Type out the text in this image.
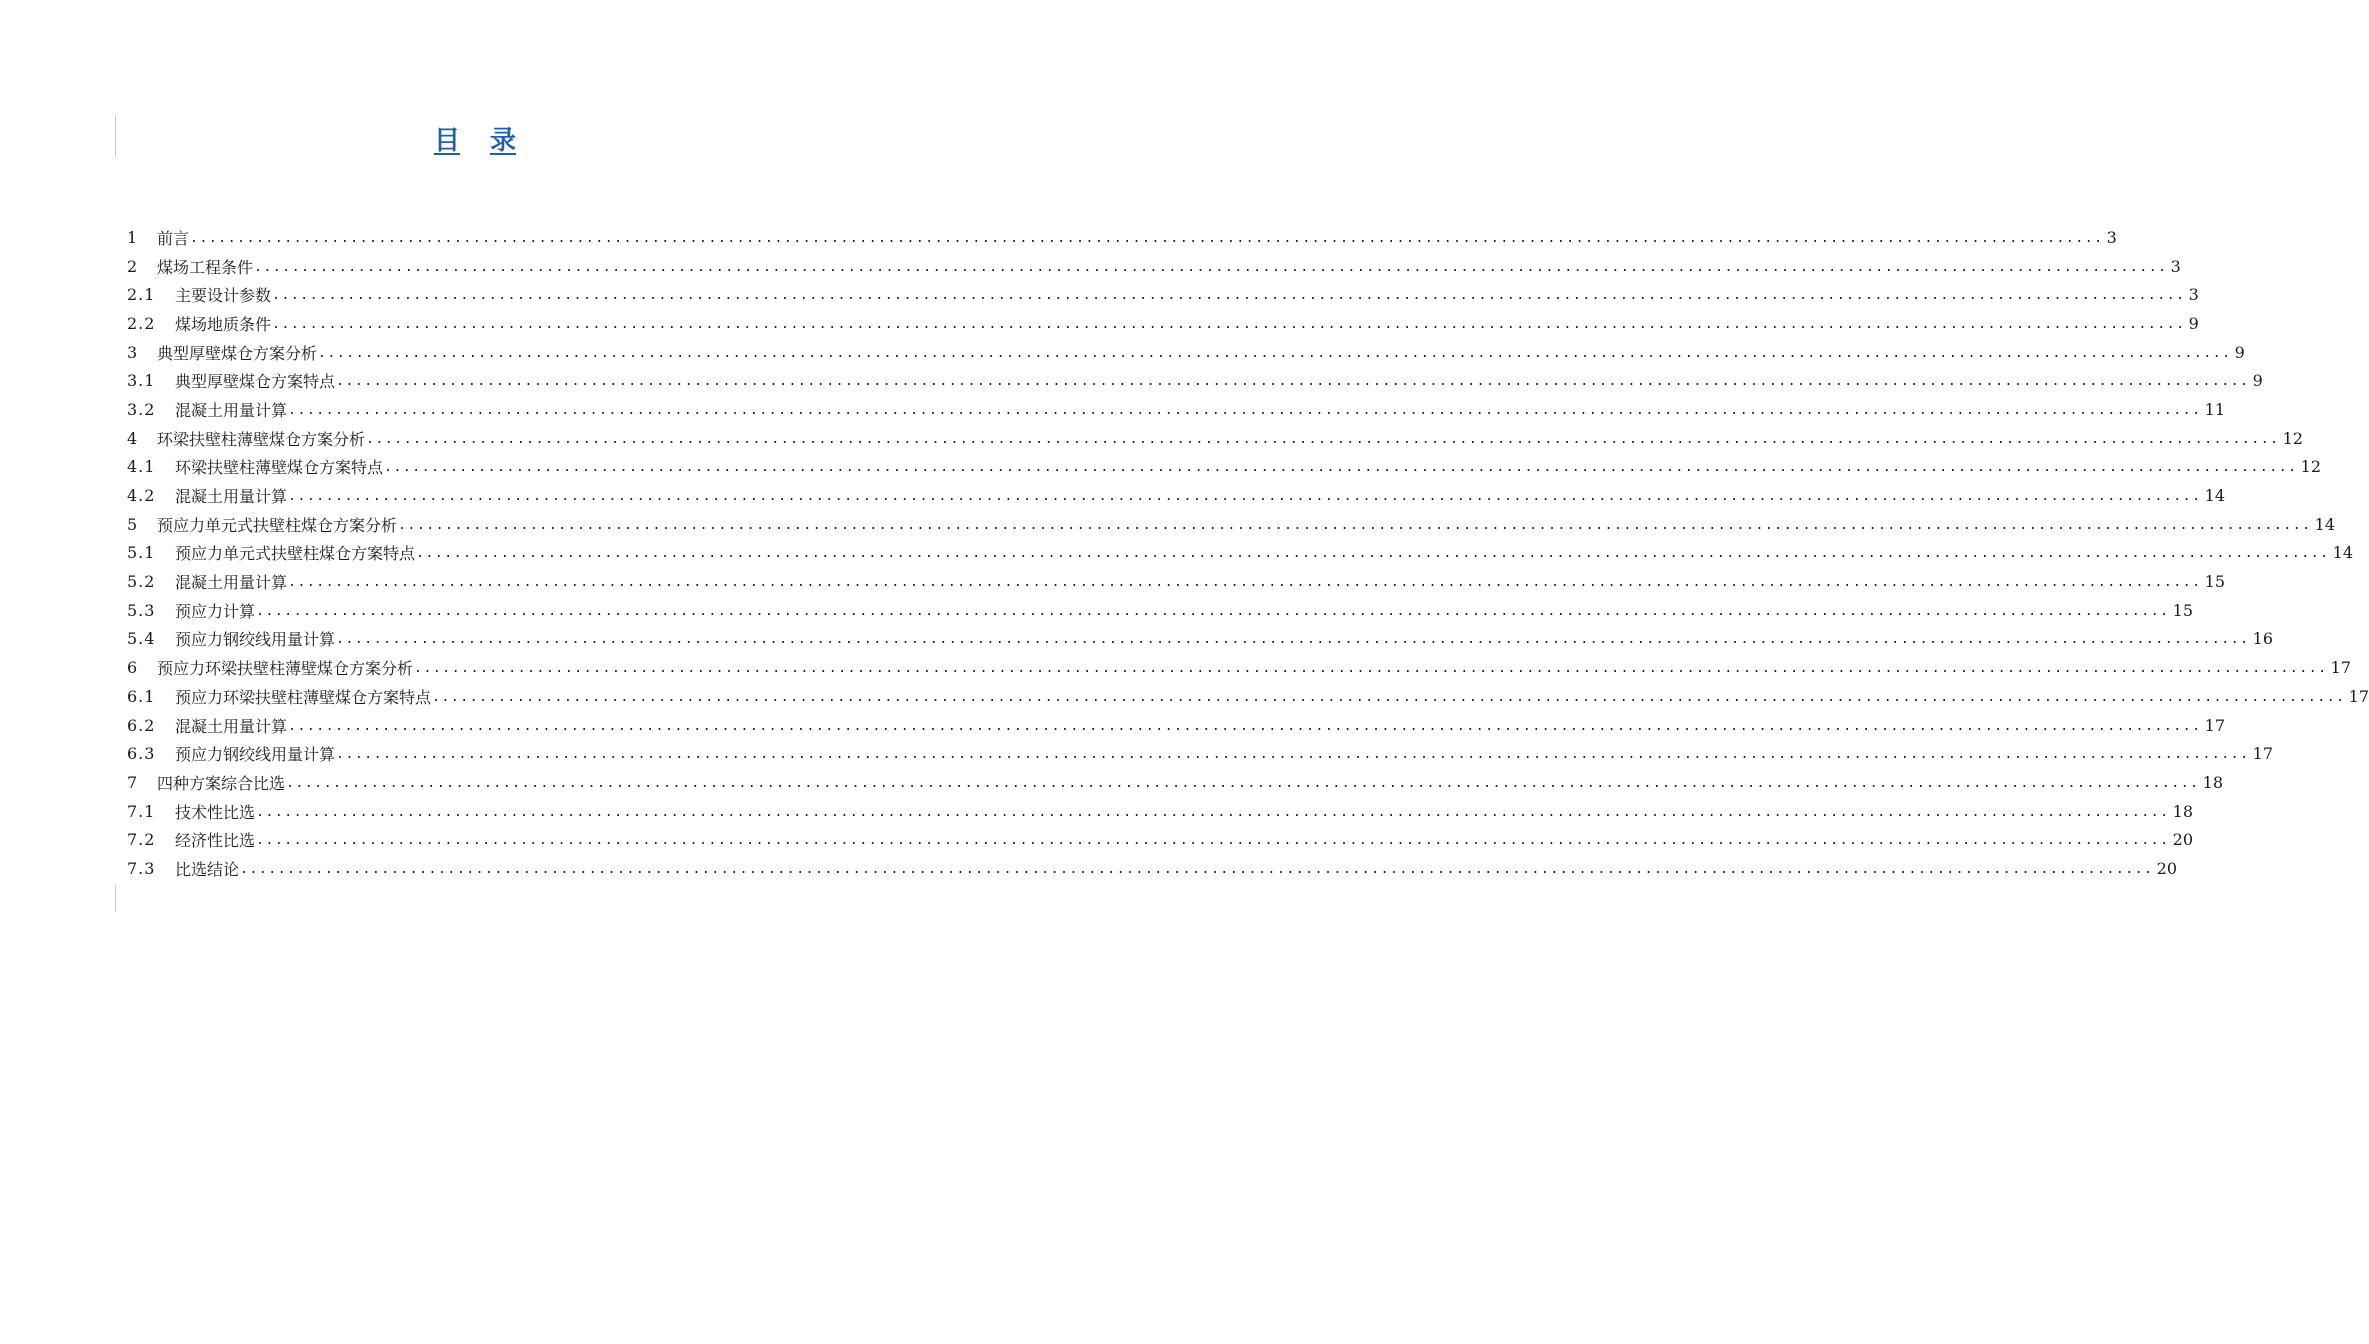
目 录
1	前言 ........................................................................................................................................................................................................... 3
2	煤场工程条件 ........................................................................................................................................................................................................... 3
2.1	主要设计参数 ........................................................................................................................................................................................................... 3
2.2	煤场地质条件 ........................................................................................................................................................................................................... 9
3	典型厚壁煤仓方案分析 ........................................................................................................................................................................................................... 9
3.1	典型厚壁煤仓方案特点 ........................................................................................................................................................................................................... 9
3.2	混凝土用量计算 ........................................................................................................................................................................................................... 11
4	环梁扶壁柱薄壁煤仓方案分析 ........................................................................................................................................................................................................... 12
4.1	环梁扶壁柱薄壁煤仓方案特点 ........................................................................................................................................................................................................... 12
4.2	混凝土用量计算 ........................................................................................................................................................................................................... 14
5	预应力单元式扶壁柱煤仓方案分析 ........................................................................................................................................................................................................... 14
5.1	预应力单元式扶壁柱煤仓方案特点 ........................................................................................................................................................................................................... 14
5.2	混凝土用量计算 ........................................................................................................................................................................................................... 15
5.3	预应力计算 ........................................................................................................................................................................................................... 15
5.4	预应力钢绞线用量计算 ........................................................................................................................................................................................................... 16
6	预应力环梁扶壁柱薄壁煤仓方案分析 ........................................................................................................................................................................................................... 17
6.1	预应力环梁扶壁柱薄壁煤仓方案特点 ........................................................................................................................................................................................................... 17
6.2	混凝土用量计算 ........................................................................................................................................................................................................... 17
6.3	预应力钢绞线用量计算 ........................................................................................................................................................................................................... 17
7	四种方案综合比选 ........................................................................................................................................................................................................... 18
7.1	技术性比选 ........................................................................................................................................................................................................... 18
7.2	经济性比选 ........................................................................................................................................................................................................... 20
7.3	比选结论 ........................................................................................................................................................................................................... 20
